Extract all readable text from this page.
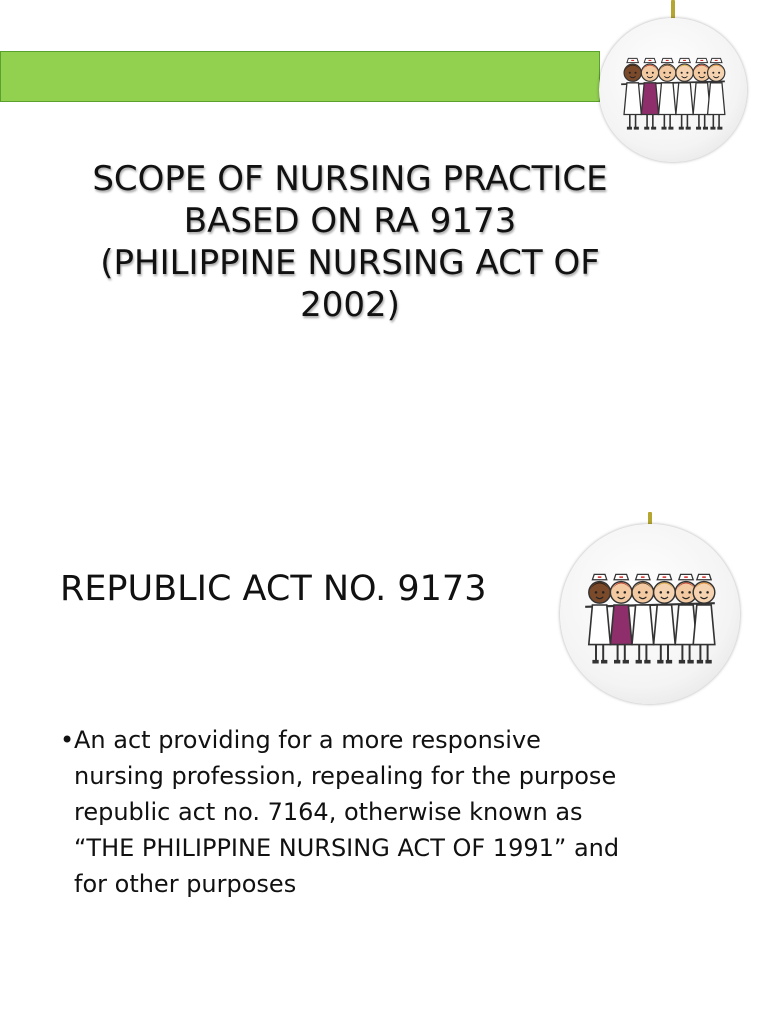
SCOPE OF NURSING PRACTICE
BASED ON RA 9173
(PHILIPPINE NURSING ACT OF
2002)
REPUBLIC ACT NO. 9173
• An act providing for a more responsive
nursing profession, repealing for the purpose
republic act no. 7164, otherwise known as
“THE PHILIPPINE NURSING ACT OF 1991” and
for other purposes
